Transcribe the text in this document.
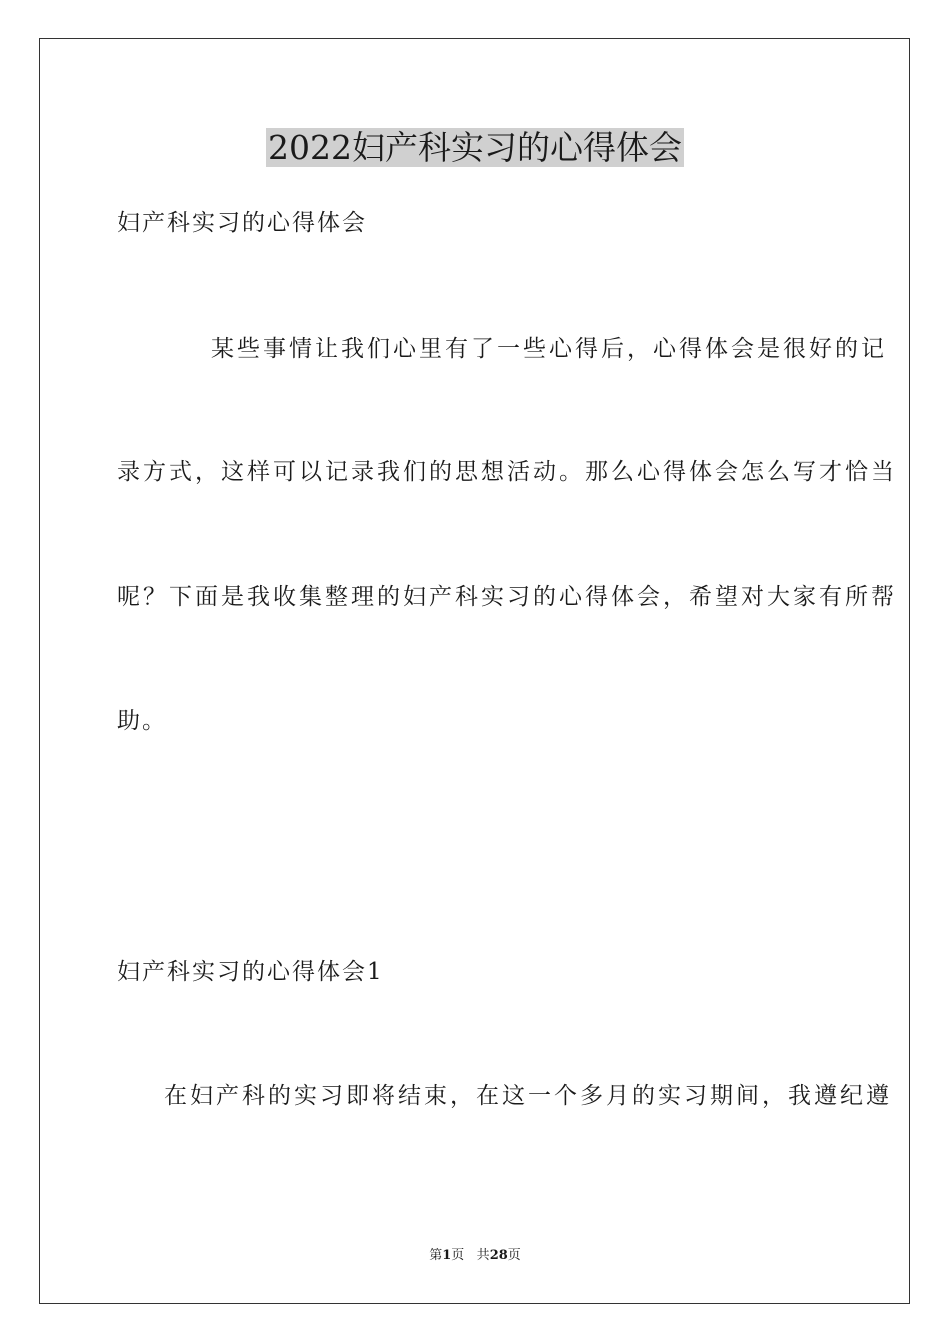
2022妇产科实习的心得体会
妇产科实习的心得体会
某些事情让我们心里有了一些心得后，心得体会是很好的记
录方式，这样可以记录我们的思想活动。那么心得体会怎么写才恰当
呢？下面是我收集整理的妇产科实习的心得体会，希望对大家有所帮
助。
妇产科实习的心得体会1
在妇产科的实习即将结束，在这一个多月的实习期间，我遵纪遵
第1页 共28页
